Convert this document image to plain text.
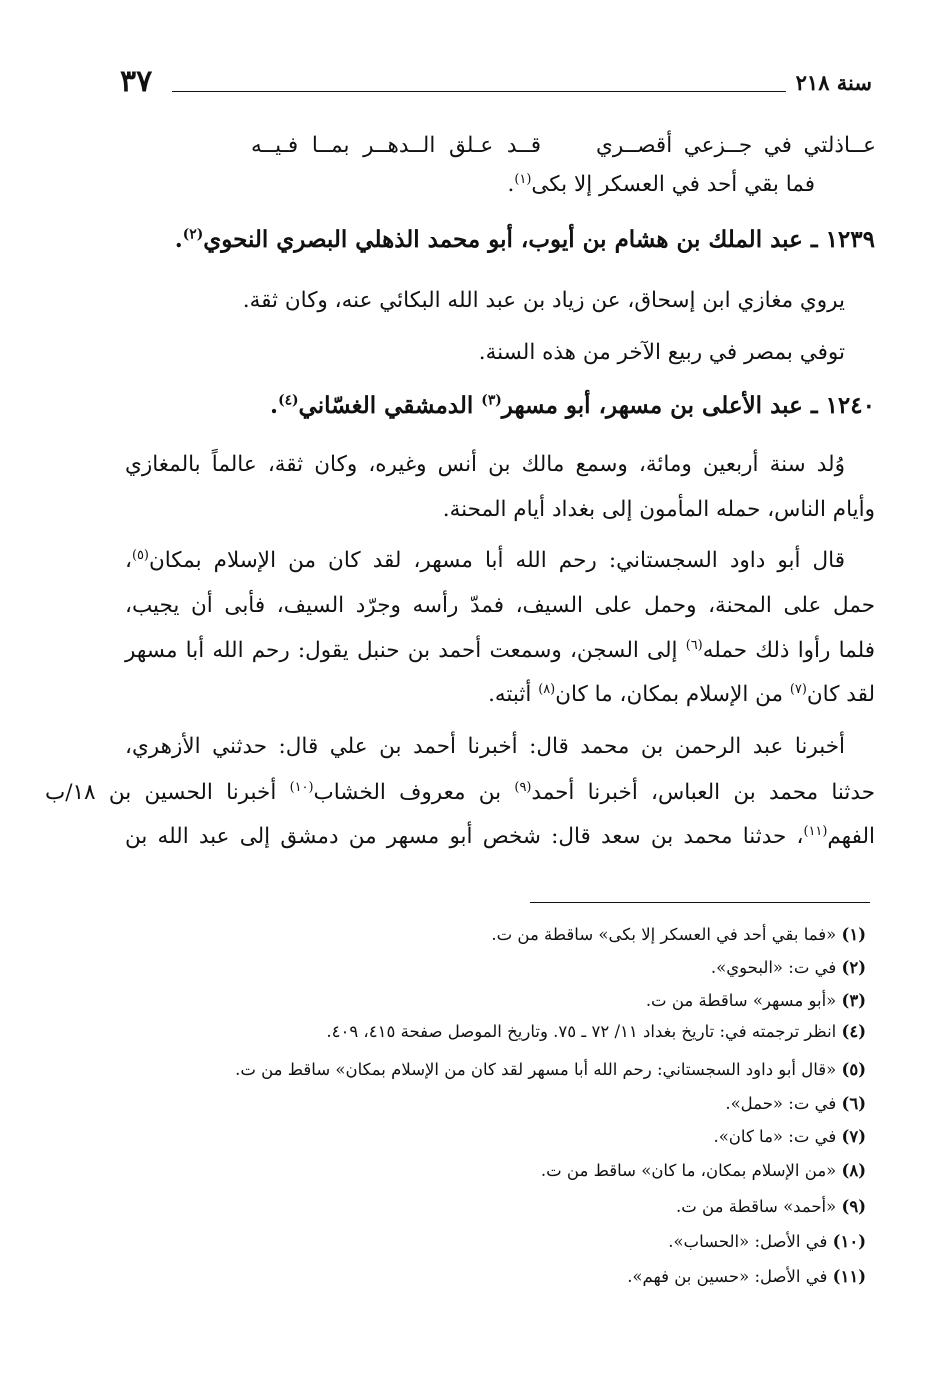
٣٧	سنة ٢١٨
عــاذلتي في جــزعي أقصــري
قــد عـلق الــدهــر بمــا فـيــه
فما بقي أحد في العسكر إلا بكى$^{(١)}$.
١٢٣٩ ـ عبد الملك بن هشام بن أيوب، أبو محمد الذهلي البصري النحوي$^{(٢)}$.
يروي مغازي ابن إسحاق، عن زياد بن عبد الله البكائي عنه، وكان ثقة.
توفي بمصر في ربيع الآخر من هذه السنة.
١٢٤٠ ـ عبد الأعلى بن مسهر، أبو مسهر$^{(٣)}$ الدمشقي الغسّاني$^{(٤)}$.
وُلد سنة أربعين ومائة، وسمع مالك بن أنس وغيره، وكان ثقة، عالماً بالمغازي
وأيام الناس، حمله المأمون إلى بغداد أيام المحنة.
قال أبو داود السجستاني: رحم الله أبا مسهر، لقد كان من الإسلام بمكان$^{(٥)}$،
حمل على المحنة، وحمل على السيف، فمدّ رأسه وجرّد السيف، فأبى أن يجيب،
فلما رأوا ذلك حمله$^{(٦)}$ إلى السجن، وسمعت أحمد بن حنبل يقول: رحم الله أبا مسهر
لقد كان$^{(٧)}$ من الإسلام بمكان، ما كان$^{(٨)}$ أثبته.
أخبرنا عبد الرحمن بن محمد قال: أخبرنا أحمد بن علي قال: حدثني الأزهري،
حدثنا محمد بن العباس، أخبرنا أحمد$^{(٩)}$ بن معروف الخشاب$^{(١٠)}$ أخبرنا الحسين بن ١٨/ب
الفهم$^{(١١)}$، حدثنا محمد بن سعد قال: شخص أبو مسهر من دمشق إلى عبد الله بن
(١) «فما بقي أحد في العسكر إلا بكى» ساقطة من ت.
(٢) في ت: «البحوي».
(٣) «أبو مسهر» ساقطة من ت.
(٤) انظر ترجمته في: تاريخ بغداد ١١/ ٧٢ ـ ٧٥. وتاريخ الموصل صفحة ٤١٥، ٤٠٩.
(٥) «قال أبو داود السجستاني: رحم الله أبا مسهر لقد كان من الإسلام بمكان» ساقط من ت.
(٦) في ت: «حمل».
(٧) في ت: «ما كان».
(٨) «من الإسلام بمكان، ما كان» ساقط من ت.
(٩) «أحمد» ساقطة من ت.
(١٠) في الأصل: «الحساب».
(١١) في الأصل: «حسين بن فهم».
